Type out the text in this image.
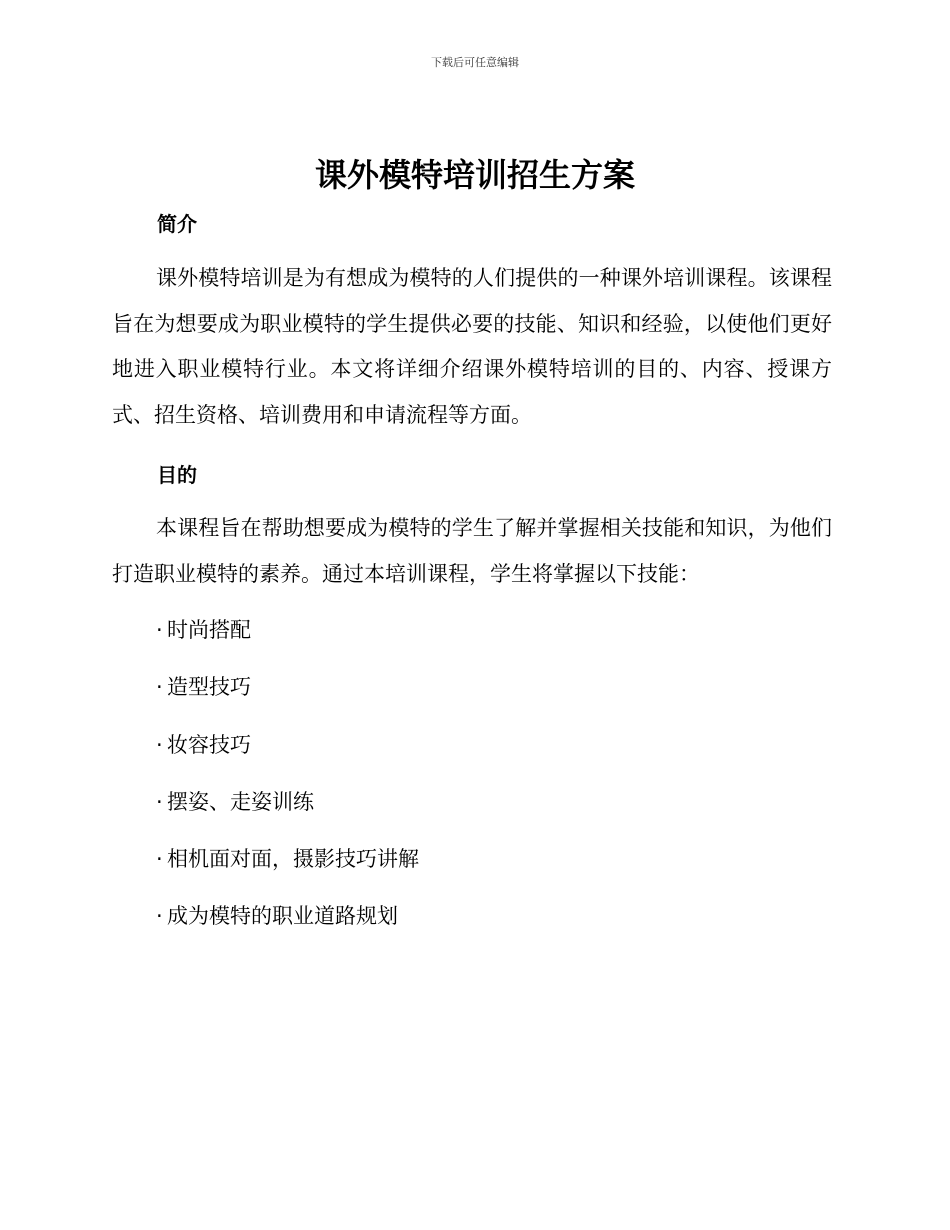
下载后可任意编辑
课外模特培训招生方案
简介

课外模特培训是为有想成为模特的人们提供的一种课外培训课程。该课程旨在为想要成为职业模特的学生提供必要的技能、知识和经验，以使他们更好地进入职业模特行业。本文将详细介绍课外模特培训的目的、内容、授课方式、招生资格、培训费用和申请流程等方面。

目的

本课程旨在帮助想要成为模特的学生了解并掌握相关技能和知识，为他们打造职业模特的素养。通过本培训课程，学生将掌握以下技能：

· 时尚搭配
· 造型技巧
· 妆容技巧
· 摆姿、走姿训练
· 相机面对面，摄影技巧讲解
· 成为模特的职业道路规划
